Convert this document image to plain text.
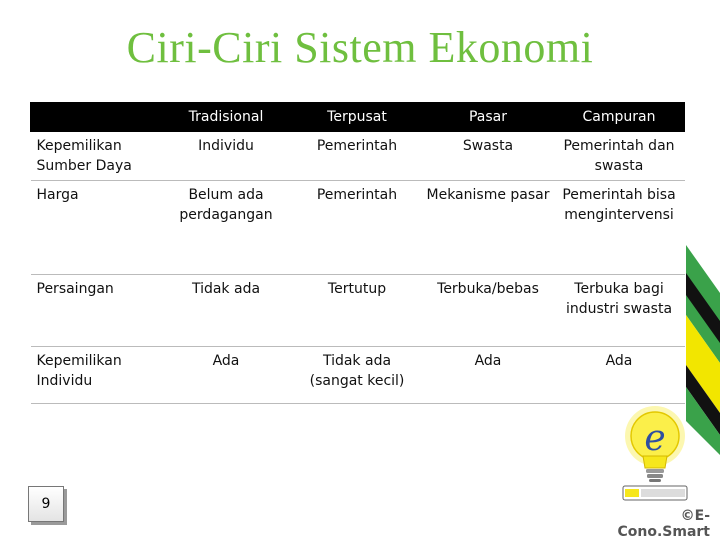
Ciri-Ciri Sistem Ekonomi
	Tradisional	Terpusat	Pasar	Campuran
Kepemilikan Sumber Daya	Individu	Pemerintah	Swasta	Pemerintah dan swasta
Harga	Belum ada perdagangan	Pemerintah	Mekanisme pasar	Pemerintah bisa mengintervensi
Persaingan	Tidak ada	Tertutup	Terbuka/bebas	Terbuka bagi industri swasta
Kepemilikan Individu	Ada	Tidak ada (sangat kecil)	Ada	Ada
e
9
©E-Cono.Smart
